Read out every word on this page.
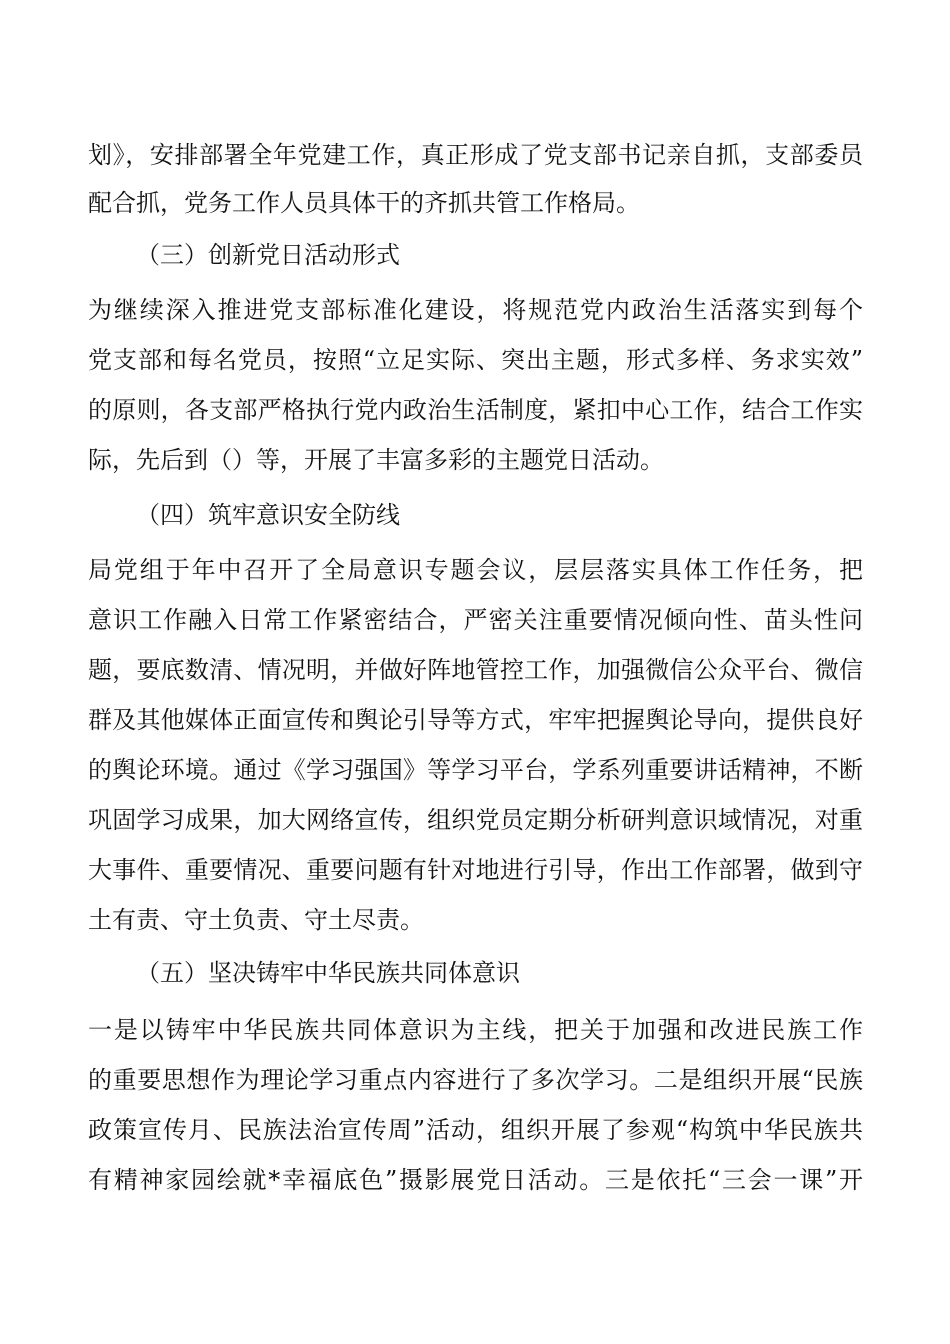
划》，安排部署全年党建工作，真正形成了党支部书记亲自抓，支部委员
配合抓，党务工作人员具体干的齐抓共管工作格局。
（三）创新党日活动形式
为继续深入推进党支部标准化建设，将规范党内政治生活落实到每个
党支部和每名党员，按照“立足实际、突出主题，形式多样、务求实效”
的原则，各支部严格执行党内政治生活制度，紧扣中心工作，结合工作实
际，先后到（）等，开展了丰富多彩的主题党日活动。
（四）筑牢意识安全防线
局党组于年中召开了全局意识专题会议，层层落实具体工作任务，把
意识工作融入日常工作紧密结合，严密关注重要情况倾向性、苗头性问
题，要底数清、情况明，并做好阵地管控工作，加强微信公众平台、微信
群及其他媒体正面宣传和舆论引导等方式，牢牢把握舆论导向，提供良好
的舆论环境。通过《学习强国》等学习平台，学系列重要讲话精神，不断
巩固学习成果，加大网络宣传，组织党员定期分析研判意识域情况，对重
大事件、重要情况、重要问题有针对地进行引导，作出工作部署，做到守
土有责、守土负责、守土尽责。
（五）坚决铸牢中华民族共同体意识
一是以铸牢中华民族共同体意识为主线，把关于加强和改进民族工作
的重要思想作为理论学习重点内容进行了多次学习。二是组织开展“民族
政策宣传月、民族法治宣传周”活动，组织开展了参观“构筑中华民族共
有精神家园绘就*幸福底色”摄影展党日活动。三是依托“三会一课”开
